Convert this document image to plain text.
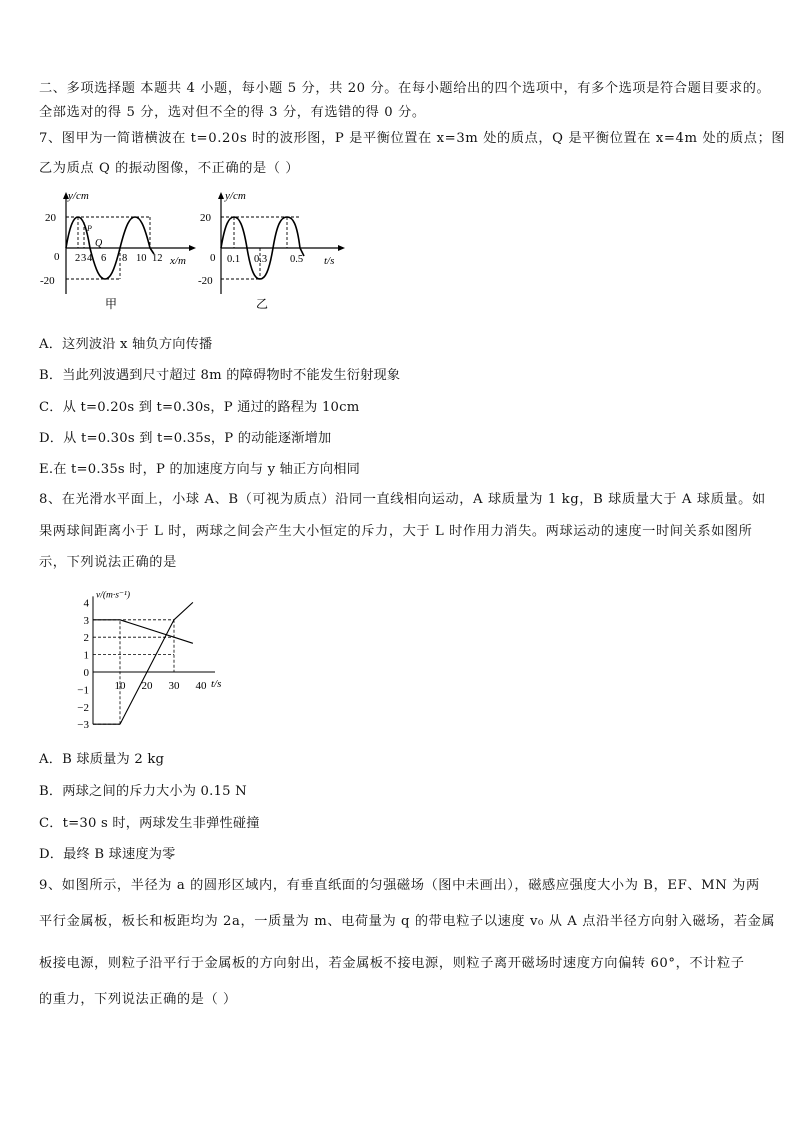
二、多项选择题 本题共 4 小题，每小题 5 分，共 20 分。在每小题给出的四个选项中，有多个选项是符合题目要求的。
全部选对的得 5 分，选对但不全的得 3 分，有选错的得 0 分。
7、图甲为一简谐横波在 t=0.20s 时的波形图，P 是平衡位置在 x=3m 处的质点，Q 是平衡位置在 x=4m 处的质点；图
乙为质点 Q 的振动图像，不正确的是（ ）
y/cm
x/m
0
20
-20
2 3 4 6 8 10 12
P
Q
甲
y/cm
t/s
0
20
-20
0.1 0.3 0.5
乙
A．这列波沿 x 轴负方向传播
B．当此列波遇到尺寸超过 8m 的障碍物时不能发生衍射现象
C．从 t=0.20s 到 t=0.30s，P 通过的路程为 10cm
D．从 t=0.30s 到 t=0.35s，P 的动能逐渐增加
E.在 t=0.35s 时，P 的加速度方向与 y 轴正方向相同
8、在光滑水平面上，小球 A、B（可视为质点）沿同一直线相向运动，A 球质量为 1 kg，B 球质量大于 A 球质量。如
果两球间距离小于 L 时，两球之间会产生大小恒定的斥力，大于 L 时作用力消失。两球运动的速度一时间关系如图所
示，下列说法正确的是
4
3
2
1
0
−1
−2
−3
10 20 30 40
v/(m·s⁻¹)
t/s
A．B 球质量为 2 kg
B．两球之间的斥力大小为 0.15 N
C．t=30 s 时，两球发生非弹性碰撞
D．最终 B 球速度为零
9、如图所示，半径为 a 的圆形区域内，有垂直纸面的匀强磁场（图中未画出），磁感应强度大小为 B，EF、MN 为两
平行金属板，板长和板距均为 2a，一质量为 m、电荷量为 q 的带电粒子以速度 v₀ 从 A 点沿半径方向射入磁场，若金属
板接电源，则粒子沿平行于金属板的方向射出，若金属板不接电源，则粒子离开磁场时速度方向偏转 60°，不计粒子
的重力，下列说法正确的是（ ）
